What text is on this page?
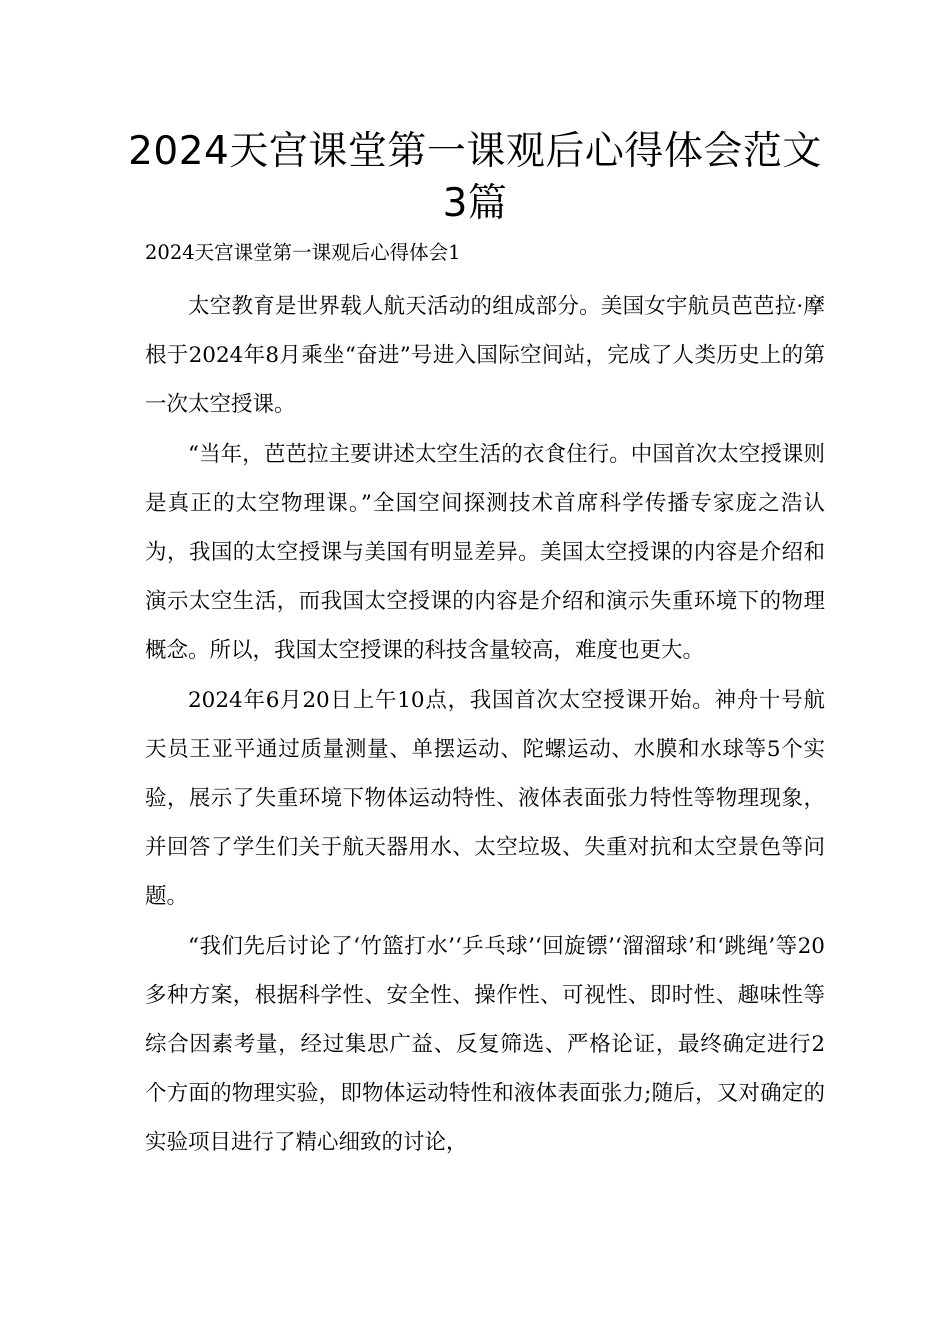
2024天宫课堂第一课观后心得体会范文
3篇

2024天宫课堂第一课观后心得体会1

太空教育是世界载人航天活动的组成部分。美国女宇航员芭芭拉·摩根于2024年8月乘坐“奋进”号进入国际空间站，完成了人类历史上的第一次太空授课。

“当年，芭芭拉主要讲述太空生活的衣食住行。中国首次太空授课则是真正的太空物理课。”全国空间探测技术首席科学传播专家庞之浩认为，我国的太空授课与美国有明显差异。美国太空授课的内容是介绍和演示太空生活，而我国太空授课的内容是介绍和演示失重环境下的物理概念。所以，我国太空授课的科技含量较高，难度也更大。

2024年6月20日上午10点，我国首次太空授课开始。神舟十号航天员王亚平通过质量测量、单摆运动、陀螺运动、水膜和水球等5个实验，展示了失重环境下物体运动特性、液体表面张力特性等物理现象，并回答了学生们关于航天器用水、太空垃圾、失重对抗和太空景色等问题。

“我们先后讨论了‘竹篮打水’‘乒乓球’‘回旋镖’‘溜溜球’和‘跳绳’等20多种方案，根据科学性、安全性、操作性、可视性、即时性、趣味性等综合因素考量，经过集思广益、反复筛选、严格论证，最终确定进行2个方面的物理实验，即物体运动特性和液体表面张力;随后，又对确定的实验项目进行了精心细致的讨论，
